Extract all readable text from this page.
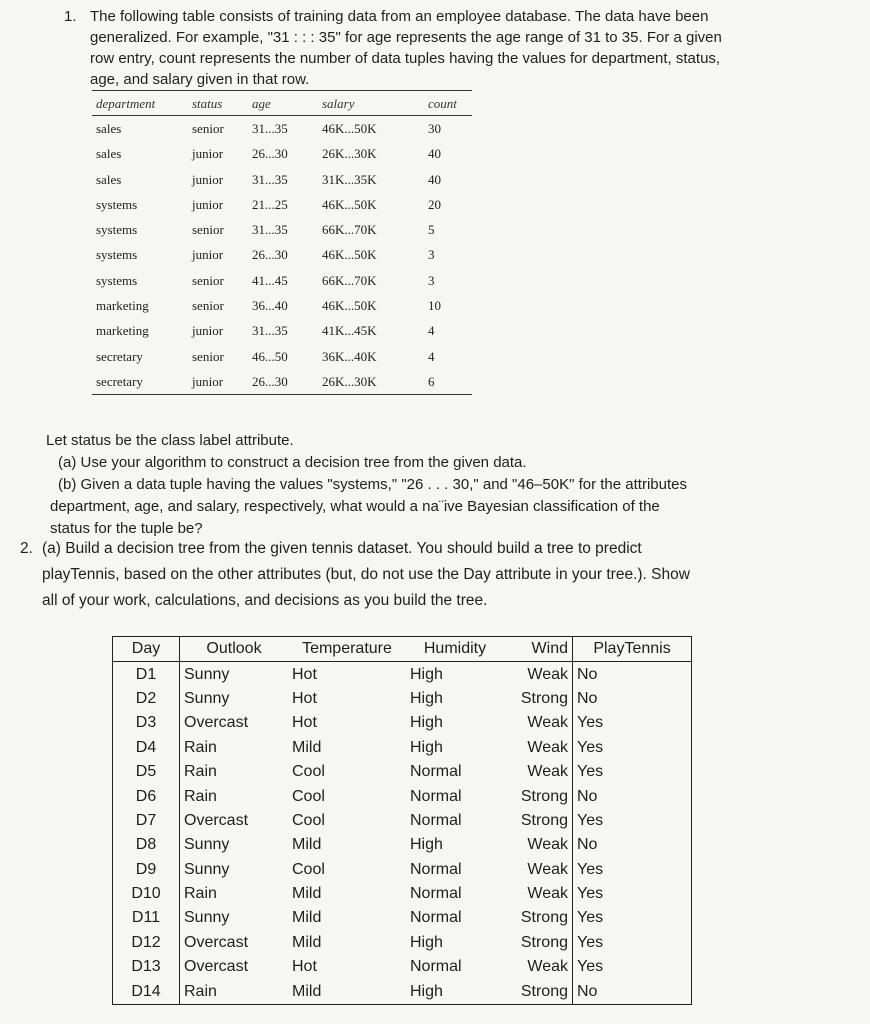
1. The following table consists of training data from an employee database. The data have been
generalized. For example, "31 : : : 35" for age represents the age range of 31 to 35. For a given
row entry, count represents the number of data tuples having the values for department, status,
age, and salary given in that row.
department	status age	salary	count
sales	senior 31...35	46K...50K	30
sales	junior 26...30	26K...30K	40
sales	junior 31...35	31K...35K	40
systems	junior 21...25	46K...50K	20
systems	senior 31...35	66K...70K	5
systems	junior 26...30	46K...50K	3
systems	senior 41...45	66K...70K	3
marketing	senior 36...40	46K...50K	10
marketing	junior 31...35	41K...45K	4
secretary	senior 46...50	36K...40K	4
secretary	junior 26...30	26K...30K	6

Let status be the class label attribute.

(a) Use your algorithm to construct a decision tree from the given data.

(b) Given a data tuple having the values "systems," "26 . . . 30," and "46–50K" for the attributes

department, age, and salary, respectively, what would a na¨ive Bayesian classification of the

status for the tuple be?

2. (a) Build a decision tree from the given tennis dataset. You should build a tree to predict
playTennis, based on the other attributes (but, do not use the Day attribute in your tree.). Show
all of your work, calculations, and decisions as you build the tree.
Day	Outlook	Temperature	Humidity	Wind	PlayTennis
D1	Sunny	Hot	High	Weak	No
D2	Sunny	Hot	High	Strong	No
D3	Overcast	Hot	High	Weak	Yes
D4	Rain	Mild	High	Weak	Yes
D5	Rain	Cool	Normal	Weak	Yes
D6	Rain	Cool	Normal	Strong	No
D7	Overcast	Cool	Normal	Strong	Yes
D8	Sunny	Mild	High	Weak	No
D9	Sunny	Cool	Normal	Weak	Yes
D10	Rain	Mild	Normal	Weak	Yes
D11	Sunny	Mild	Normal	Strong	Yes
D12	Overcast	Mild	High	Strong	Yes
D13	Overcast	Hot	Normal	Weak	Yes
D14	Rain	Mild	High	Strong	No
